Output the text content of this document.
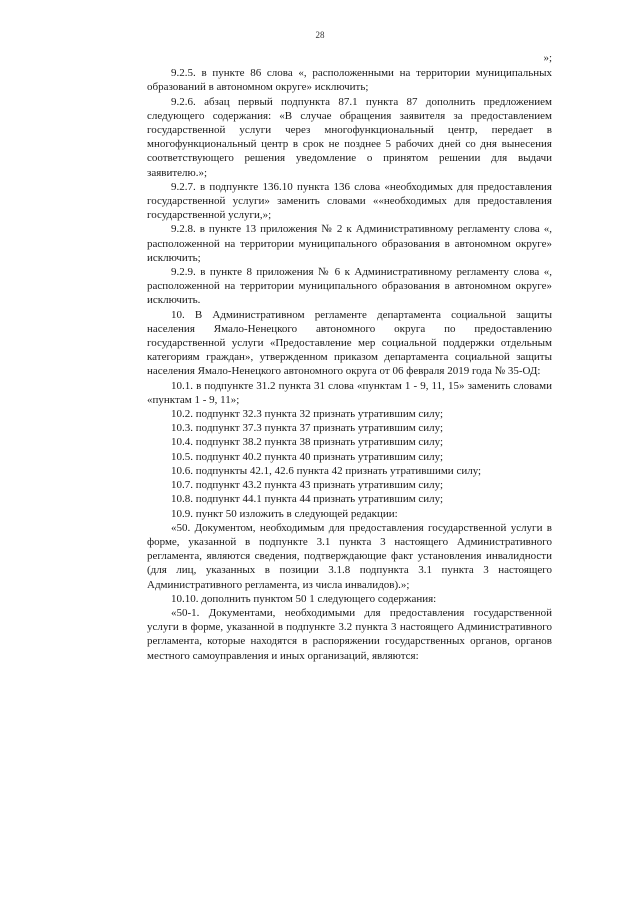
28

»;

9.2.5. в пункте 86 слова «, расположенными на территории муниципальных образований в автономном округе» исключить;

9.2.6. абзац первый подпункта 87.1 пункта 87 дополнить предложением следующего содержания: «В случае обращения заявителя за предоставлением государственной услуги через многофункциональный центр, передает в многофункциональный центр в срок не позднее 5 рабочих дней со дня вынесения соответствующего решения уведомление о принятом решении для выдачи заявителю.»;

9.2.7. в подпункте 136.10 пункта 136 слова «необходимых для предоставления государственной услуги» заменить словами ««необходимых для предоставления государственной услуги,»;

9.2.8. в пункте 13 приложения № 2 к Административному регламенту слова «, расположенной на территории муниципального образования в автономном округе» исключить;

9.2.9. в пункте 8 приложения № 6 к Административному регламенту слова «, расположенной на территории муниципального образования в автономном округе» исключить.

10. В Административном регламенте департамента социальной защиты населения Ямало-Ненецкого автономного округа по предоставлению государственной услуги «Предоставление мер социальной поддержки отдельным категориям граждан», утвержденном приказом департамента социальной защиты населения Ямало-Ненецкого автономного округа от 06 февраля 2019 года № 35-ОД:

10.1. в подпункте 31.2 пункта 31 слова «пунктам 1 - 9, 11, 15» заменить словами «пунктам 1 - 9, 11»;

10.2. подпункт 32.3 пункта 32 признать утратившим силу;

10.3. подпункт 37.3 пункта 37 признать утратившим силу;

10.4. подпункт 38.2 пункта 38 признать утратившим силу;

10.5. подпункт 40.2 пункта 40 признать утратившим силу;

10.6. подпункты 42.1, 42.6 пункта 42 признать утратившими силу;

10.7. подпункт 43.2 пункта 43 признать утратившим силу;

10.8. подпункт 44.1 пункта 44 признать утратившим силу;

10.9. пункт 50 изложить в следующей редакции:

«50. Документом, необходимым для предоставления государственной услуги в форме, указанной в подпункте 3.1 пункта 3 настоящего Административного регламента, являются сведения, подтверждающие факт установления инвалидности (для лиц, указанных в позиции 3.1.8 подпункта 3.1 пункта 3 настоящего Административного регламента, из числа инвалидов).»;

10.10. дополнить пунктом 50 1 следующего содержания:

«50-1. Документами, необходимыми для предоставления государственной услуги в форме, указанной в подпункте 3.2 пункта 3 настоящего Административного регламента, которые находятся в распоряжении государственных органов, органов местного самоуправления и иных организаций, являются:
